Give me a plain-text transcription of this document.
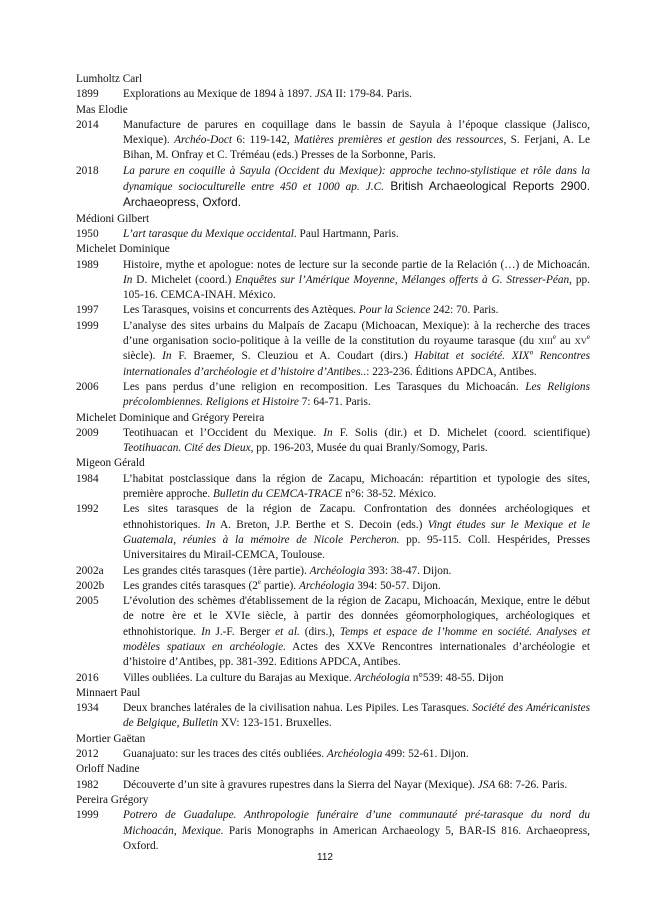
Lumholtz Carl
1899	Explorations au Mexique de 1894 à 1897. JSA II: 179-84. Paris.
Mas Elodie
2014	Manufacture de parures en coquillage dans le bassin de Sayula à l’époque classique (Jalisco, Mexique). Archéo-Doct 6: 119-142, Matières premières et gestion des ressources, S. Ferjani, A. Le Bihan, M. Onfray et C. Tréméau (eds.) Presses de la Sorbonne, Paris.
2018	La parure en coquille à Sayula (Occident du Mexique): approche techno-stylistique et rôle dans la dynamique socioculturelle entre 450 et 1000 ap. J.C. British Archaeological Reports 2900. Archaeopress, Oxford.
Médioni Gilbert
1950	L’art tarasque du Mexique occidental. Paul Hartmann, Paris.
Michelet Dominique
1989	Histoire, mythe et apologue: notes de lecture sur la seconde partie de la Relación (…) de Michoacán. In D. Michelet (coord.) Enquêtes sur l’Amérique Moyenne, Mélanges offerts à G. Stresser-Péan, pp. 105-16. CEMCA-INAH. México.
1997	Les Tarasques, voisins et concurrents des Aztèques. Pour la Science 242: 70. Paris.
1999	L’analyse des sites urbains du Malpaís de Zacapu (Michoacan, Mexique): à la recherche des traces d’une organisation socio-politique à la veille de la constitution du royaume tarasque (du XIIIe au XVe siècle). In F. Braemer, S. Cleuziou et A. Coudart (dirs.) Habitat et société. XIXº Rencontres internationales d’archéologie et d’histoire d’Antibes..: 223-236. Éditions APDCA, Antibes.
2006	Les pans perdus d’une religion en recomposition. Les Tarasques du Michoacán. Les Religions précolombiennes. Religions et Histoire 7: 64-71. Paris.
Michelet Dominique and Grégory Pereira
2009	Teotihuacan et l’Occident du Mexique. In F. Solis (dir.) et D. Michelet (coord. scientifique) Teotihuacan. Cité des Dieux, pp. 196-203, Musée du quai Branly/Somogy, Paris.
Migeon Gérald
1984	L’habitat postclassique dans la région de Zacapu, Michoacán: répartition et typologie des sites, première approche. Bulletin du CEMCA-TRACE n°6: 38-52. México.
1992	Les sites tarasques de la région de Zacapu. Confrontation des données archéologiques et ethnohistoriques. In A. Breton, J.P. Berthe et S. Decoin (eds.) Vingt études sur le Mexique et le Guatemala, réunies à la mémoire de Nicole Percheron. pp. 95-115. Coll. Hespérides, Presses Universitaires du Mirail-CEMCA, Toulouse.
2002a	Les grandes cités tarasques (1ère partie). Archéologia 393: 38-47. Dijon.
2002b	Les grandes cités tarasques (2e partie). Archéologia 394: 50-57. Dijon.
2005	L’évolution des schèmes d'établissement de la région de Zacapu, Michoacán, Mexique, entre le début de notre ère et le XVIe siècle, à partir des données géomorphologiques, archéologiques et ethnohistorique. In J.-F. Berger et al. (dirs.), Temps et espace de l’homme en société. Analyses et modèles spatiaux en archéologie. Actes des XXVe Rencontres internationales d’archéologie et d’histoire d’Antibes, pp. 381-392. Editions APDCA, Antibes.
2016	Villes oubliées. La culture du Barajas au Mexique. Archéologia n°539: 48-55. Dijon
Minnaert Paul
1934	Deux branches latérales de la civilisation nahua. Les Pipiles. Les Tarasques. Société des Américanistes de Belgique, Bulletin XV: 123-151. Bruxelles.
Mortier Gaëtan
2012	Guanajuato: sur les traces des cités oubliées. Archéologia 499: 52-61. Dijon.
Orloff Nadine
1982	Découverte d’un site à gravures rupestres dans la Sierra del Nayar (Mexique). JSA 68: 7-26. Paris.
Pereira Grégory
1999	Potrero de Guadalupe. Anthropologie funéraire d’une communauté pré-tarasque du nord du Michoacán, Mexique. Paris Monographs in American Archaeology 5, BAR-IS 816. Archaeopress, Oxford.
112
